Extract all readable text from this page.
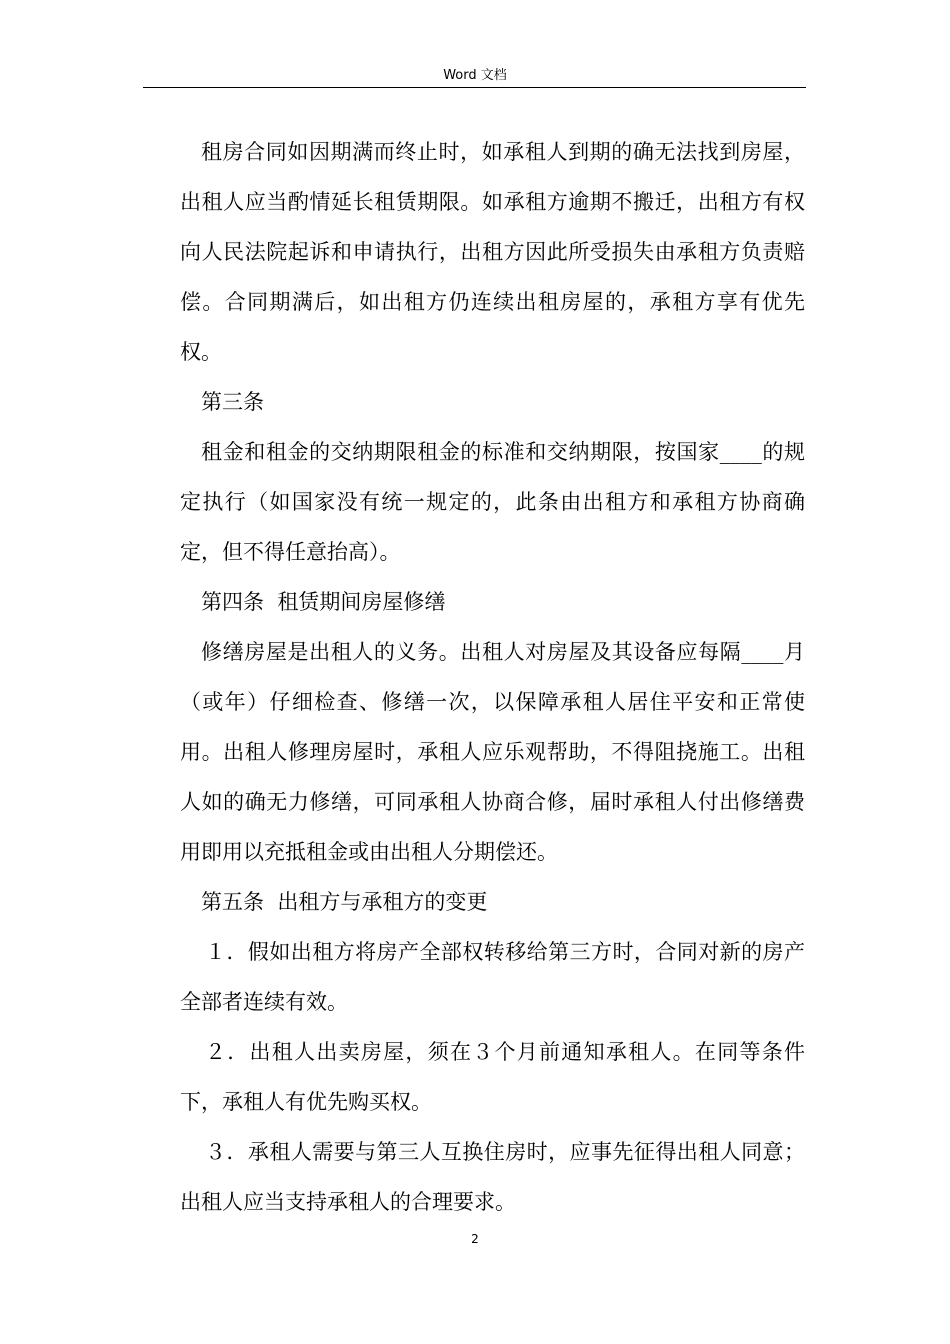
Word 文档

租房合同如因期满而终止时，如承租人到期的确无法找到房屋，出租人应当酌情延长租赁期限。如承租方逾期不搬迁，出租方有权向人民法院起诉和申请执行，出租方因此所受损失由承租方负责赔偿。合同期满后，如出租方仍连续出租房屋的，承租方享有优先权。

第三条

租金和租金的交纳期限租金的标准和交纳期限，按国家____的规定执行（如国家没有统一规定的，此条由出租方和承租方协商确定，但不得任意抬高）。

第四条  租赁期间房屋修缮

修缮房屋是出租人的义务。出租人对房屋及其设备应每隔____月（或年）仔细检查、修缮一次，以保障承租人居住平安和正常使用。出租人修理房屋时，承租人应乐观帮助，不得阻挠施工。出租人如的确无力修缮，可同承租人协商合修，届时承租人付出修缮费用即用以充抵租金或由出租人分期偿还。

第五条  出租方与承租方的变更

１．假如出租方将房产全部权转移给第三方时，合同对新的房产全部者连续有效。

２．出租人出卖房屋，须在３个月前通知承租人。在同等条件下，承租人有优先购买权。

３．承租人需要与第三人互换住房时，应事先征得出租人同意；出租人应当支持承租人的合理要求。

2
